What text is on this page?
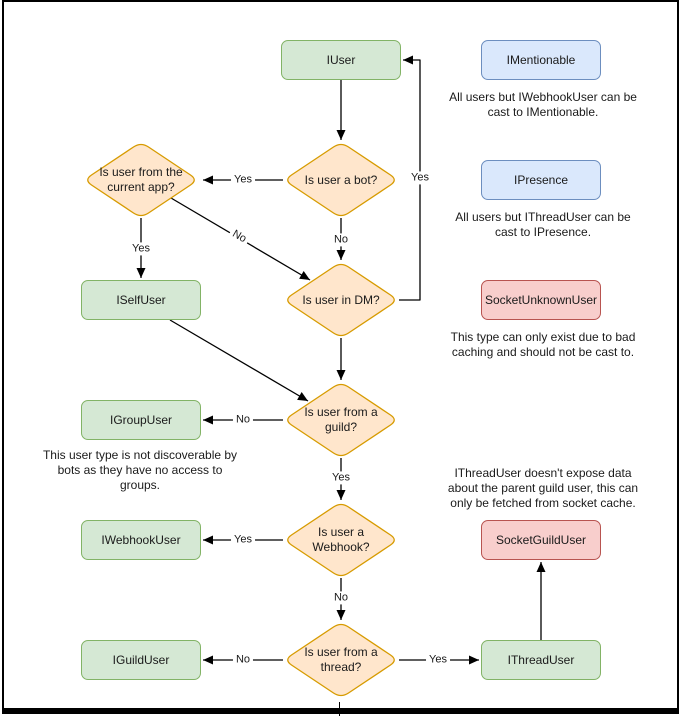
Yes
No
Yes
No
Yes
No
Yes
Yes
No
No	Yes
IUser	IMentionable
IPresence
ISelfUser	SocketUnknownUser
IGroupUser
IWebhookUser	SocketGuildUser
IGuildUser	IThreadUser
Is user a bot?
Is user from the current app?
Is user in DM?
Is user from a guild?
Is user a Webhook?
Is user from a thread?
All users but IWebhookUser can be
cast to IMentionable.
All users but IThreadUser can be
cast to IPresence.
This type can only exist due to bad
caching and should not be cast to.
IThreadUser doesn't expose data
about the parent guild user, this can
only be fetched from socket cache.
This user type is not discoverable by
bots as they have no access to
groups.
